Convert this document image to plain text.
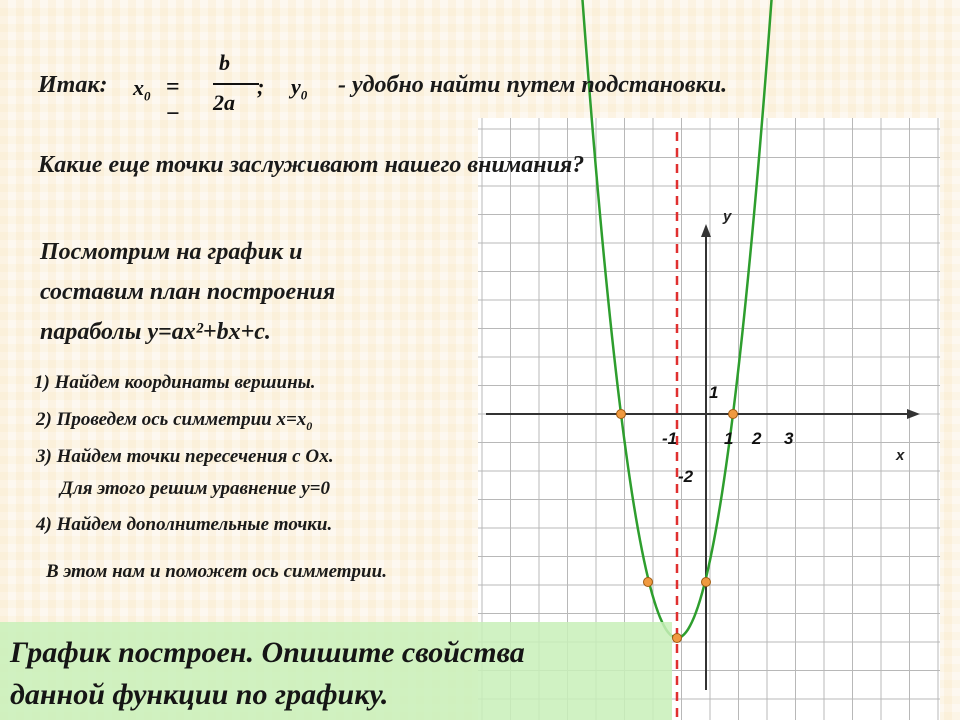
у
х
-1	1 2 3
1
-2
Итак: $x_0$ = −
b
2a
; $y_0$ - удобно найти путем подстановки.
Какие еще точки заслуживают нашего внимания?
Посмотрим на график и
составим план построения
параболы y=ax²+bx+c.
1) Найдем координаты вершины.
2) Проведем ось симметрии $x=x_0$
3) Найдем точки пересечения с Ох.
Для этого решим уравнение y=0
4) Найдем дополнительные точки.
В этом нам и поможет ось симметрии.
График построен. Опишите свойства
данной функции по графику.
